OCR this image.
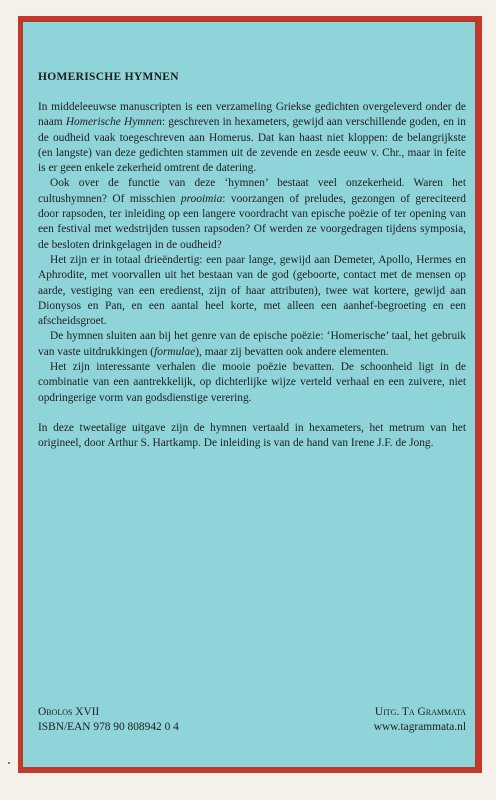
HOMERISCHE HYMNEN

In middeleeuwse manuscripten is een verzameling Griekse gedichten overgeleverd onder de naam Homerische Hymnen: geschreven in hexameters, gewijd aan verschillende goden, en in de oudheid vaak toegeschreven aan Homerus. Dat kan haast niet kloppen: de belangrijkste (en langste) van deze gedichten stammen uit de zevende en zesde eeuw v. Chr., maar in feite is er geen enkele zekerheid omtrent de datering.

Ook over de functie van deze ‘hymnen’ bestaat veel onzekerheid. Waren het cultushymnen? Of misschien prooimia: voorzangen of preludes, gezongen of gereciteerd door rapsoden, ter inleiding op een langere voordracht van epische poëzie of ter opening van een festival met wedstrijden tussen rapsoden? Of werden ze voorgedragen tijdens symposia, de besloten drinkgelagen in de oudheid?

Het zijn er in totaal drieëndertig: een paar lange, gewijd aan Demeter, Apollo, Hermes en Aphrodite, met voorvallen uit het bestaan van de god (geboorte, contact met de mensen op aarde, vestiging van een eredienst, zijn of haar attributen), twee wat kortere, gewijd aan Dionysos en Pan, en een aantal heel korte, met alleen een aanhef-begroeting en een afscheidsgroet.

De hymnen sluiten aan bij het genre van de epische poëzie: ‘Homerische’ taal, het gebruik van vaste uitdrukkingen (formulae), maar zij bevatten ook andere elementen.

Het zijn interessante verhalen die mooie poëzie bevatten. De schoonheid ligt in de combinatie van een aantrekkelijk, op dichterlijke wijze verteld verhaal en een zuivere, niet opdringerige vorm van godsdienstige verering.

In deze tweetalige uitgave zijn de hymnen vertaald in hexameters, het metrum van het origineel, door Arthur S. Hartkamp. De inleiding is van de hand van Irene J.F. de Jong.

Obolos XVII
ISBN/EAN 978 90 808942 0 4
Uitg. Ta Grammata
www.tagrammata.nl
